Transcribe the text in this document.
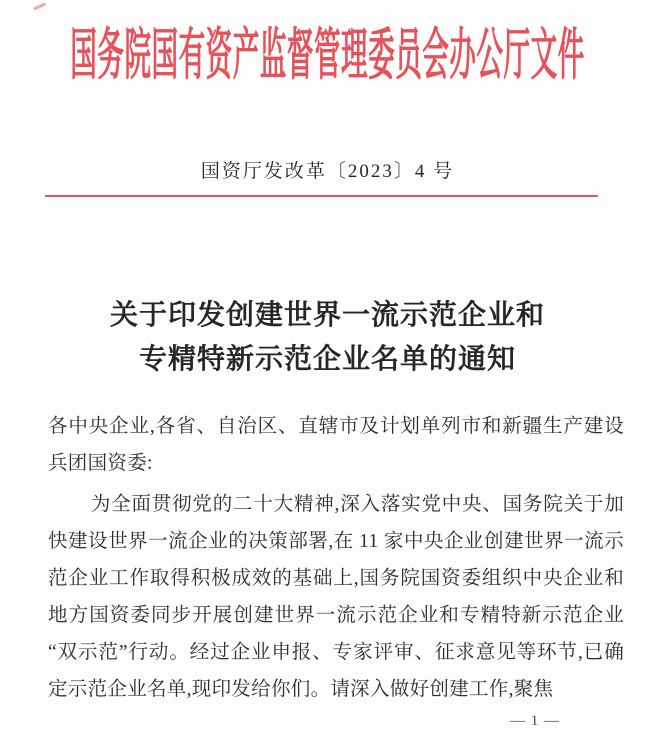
国务院国有资产监督管理委员会办公厅文件
国资厅发改革〔2023〕4 号
关于印发创建世界一流示范企业和
专精特新示范企业名单的通知

各中央企业,各省、自治区、直辖市及计划单列市和新疆生产建设兵团国资委:

为全面贯彻党的二十大精神,深入落实党中央、国务院关于加快建设世界一流企业的决策部署,在 11 家中央企业创建世界一流示范企业工作取得积极成效的基础上,国务院国资委组织中央企业和地方国资委同步开展创建世界一流示范企业和专精特新示范企业“双示范”行动。经过企业申报、专家评审、征求意见等环节,已确定示范企业名单,现印发给你们。请深入做好创建工作,聚焦

— 1 —
